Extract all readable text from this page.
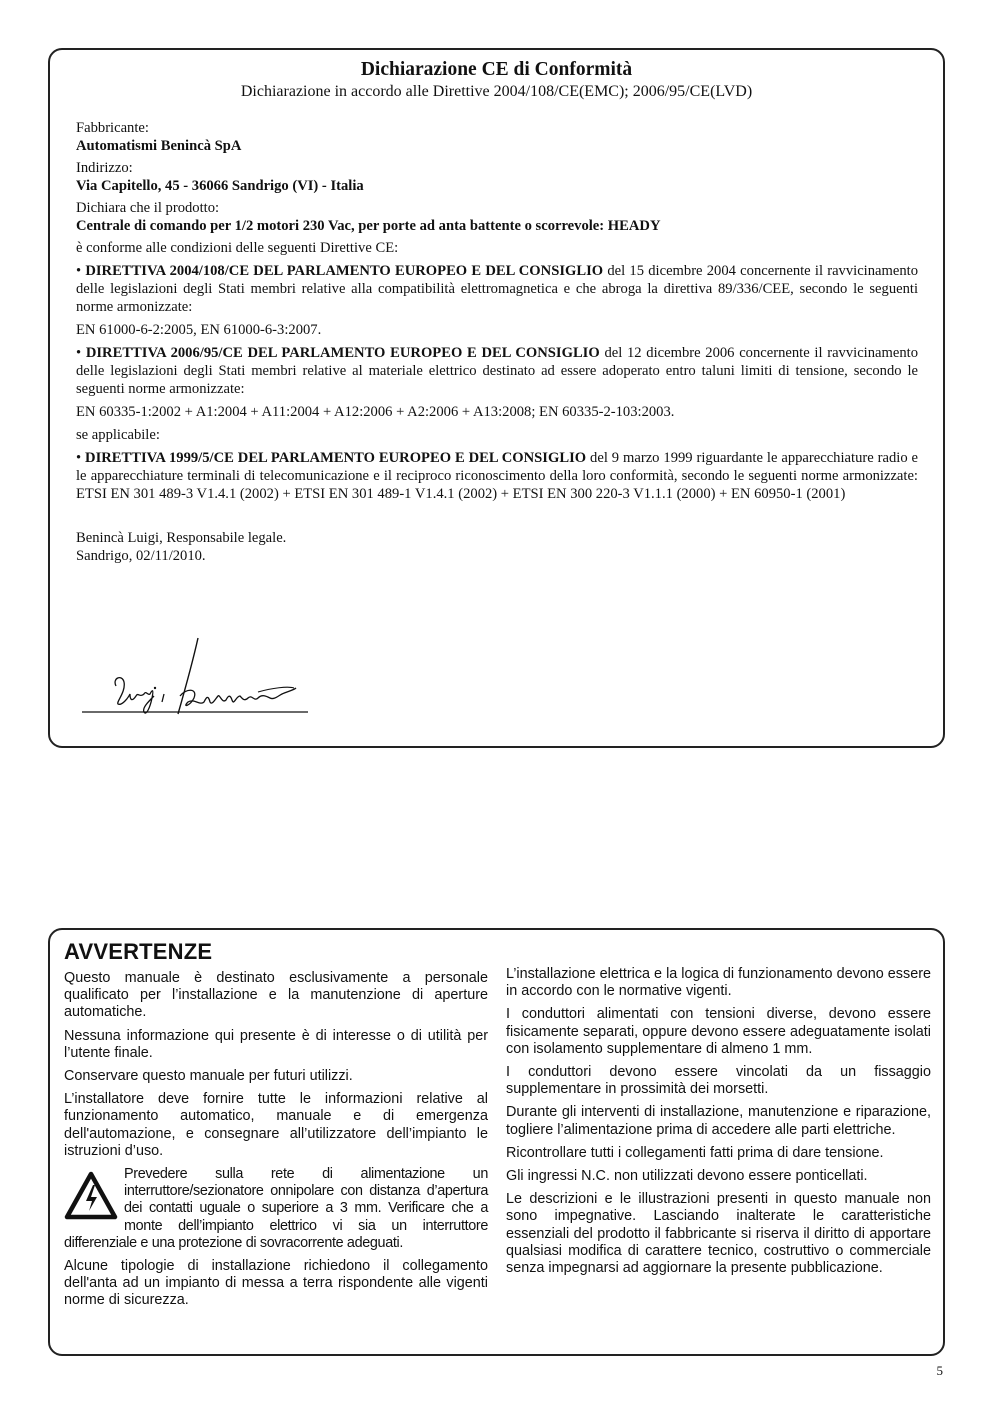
Dichiarazione CE di Conformità
Dichiarazione in accordo alle Direttive 2004/108/CE(EMC); 2006/95/CE(LVD)

Fabbricante:

Automatismi Benincà SpA

Indirizzo:

Via Capitello, 45 - 36066 Sandrigo (VI) - Italia

Dichiara che il prodotto:

Centrale di comando per 1/2 motori 230 Vac, per porte ad anta battente o scorrevole: HEADY

è conforme alle condizioni delle seguenti Direttive CE:

• DIRETTIVA 2004/108/CE DEL PARLAMENTO EUROPEO E DEL CONSIGLIO del 15 dicembre 2004 concernente il ravvicinamento delle legislazioni degli Stati membri relative alla compatibilità elettromagnetica e che abroga la direttiva 89/336/CEE, secondo le seguenti norme armonizzate:

EN 61000-6-2:2005, EN 61000-6-3:2007.

• DIRETTIVA 2006/95/CE DEL PARLAMENTO EUROPEO E DEL CONSIGLIO del 12 dicembre 2006 concernente il ravvicinamento delle legislazioni degli Stati membri relative al materiale elettrico destinato ad essere adoperato entro taluni limiti di tensione, secondo le seguenti norme armonizzate:

EN 60335-1:2002 + A1:2004 + A11:2004 + A12:2006 + A2:2006 + A13:2008; EN 60335-2-103:2003.

se applicabile:

• DIRETTIVA 1999/5/CE DEL PARLAMENTO EUROPEO E DEL CONSIGLIO del 9 marzo 1999 riguardante le apparecchiature radio e le apparecchiature terminali di telecomunicazione e il reciproco riconoscimento della loro conformità, secondo le seguenti norme armonizzate: ETSI EN 301 489-3 V1.4.1 (2002) + ETSI EN 301 489-1 V1.4.1 (2002) + ETSI EN 300 220-3 V1.1.1 (2000) + EN 60950-1 (2001)

Benincà Luigi, Responsabile legale.

Sandrigo, 02/11/2010.

AVVERTENZE

Questo manuale è destinato esclusivamente a personale qualificato per l’installazione e la manutenzione di aperture automatiche.

Nessuna informazione qui presente è di interesse o di utilità per l’utente finale.

Conservare questo manuale per futuri utilizzi.

L’installatore deve fornire tutte le informazioni relative al funzionamento automatico, manuale e di emergenza dell'automazione, e consegnare all’utilizzatore dell’impianto le istruzioni d’uso.

Prevedere sulla rete di alimentazione un interruttore/sezionatore onnipolare con distanza d’apertura dei contatti uguale o superiore a 3 mm. Verificare che a monte dell’impianto elettrico vi sia un interruttore differenziale e una protezione di sovracorrente adeguati.

Alcune tipologie di installazione richiedono il collegamento dell'anta ad un impianto di messa a terra rispondente alle vigenti norme di sicurezza.

L’installazione elettrica e la logica di funzionamento devono essere in accordo con le normative vigenti.

I conduttori alimentati con tensioni diverse, devono essere fisicamente separati, oppure devono essere adeguatamente isolati con isolamento supplementare di almeno 1 mm.

I conduttori devono essere vincolati da un fissaggio supplementare in prossimità dei morsetti.

Durante gli interventi di installazione, manutenzione e riparazione, togliere l’alimentazione prima di accedere alle parti elettriche.

Ricontrollare tutti i collegamenti fatti prima di dare tensione.

Gli ingressi N.C. non utilizzati devono essere ponticellati.

Le descrizioni e le illustrazioni presenti in questo manuale non sono impegnative. Lasciando inalterate le caratteristiche essenziali del prodotto il fabbricante si riserva il diritto di apportare qualsiasi modifica di carattere tecnico, costruttivo o commerciale senza impegnarsi ad aggiornare la presente pubblicazione.

5
